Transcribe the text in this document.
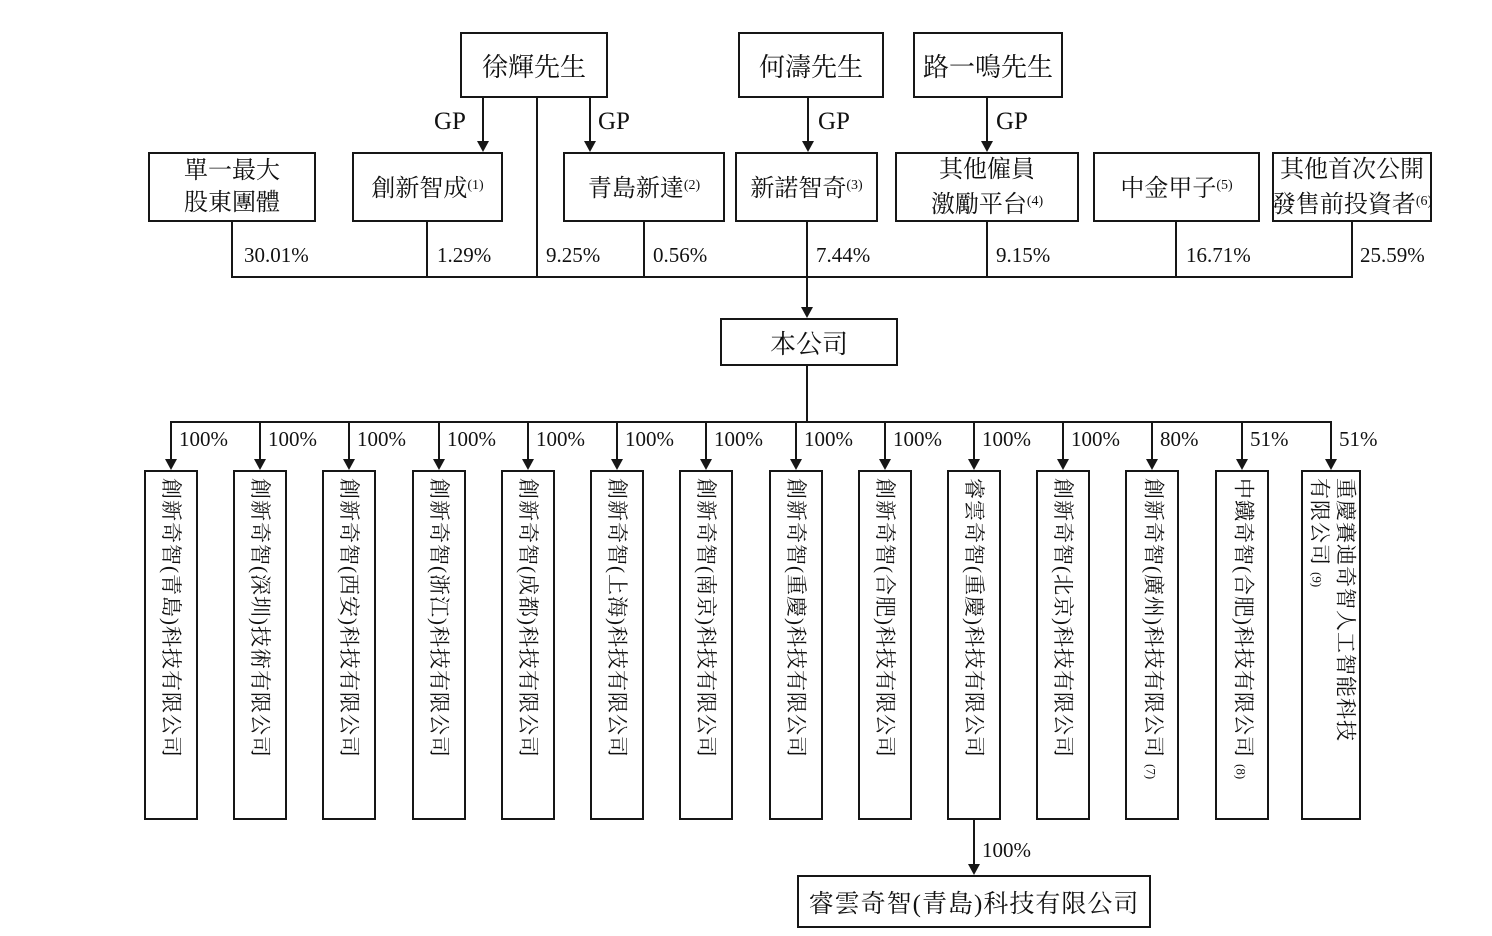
徐輝先生	何濤先生 路一鳴先生
GP	GP	GP	GP
本公司
睿雲奇智(青島)科技有限公司
100%
9.25%
單一最大
股東團體
30.01%
創新智成$^{(1)}$
1.29%
青島新達$^{(2)}$
0.56%
新諾智奇$^{(3)}$
7.44%
其他僱員
激勵平台$^{(4)}$
9.15%
中金甲子$^{(5)}$
16.71%
其他首次公開
發售前投資者$^{(6)}$
25.59%
100%
創新奇智(青島)科技有限公司
100%
創新奇智(深圳)技術有限公司
100%
創新奇智(西安)科技有限公司
100%
創新奇智(浙江)科技有限公司
100%
創新奇智(成都)科技有限公司
100%
創新奇智(上海)科技有限公司
100%
創新奇智(南京)科技有限公司
100%
創新奇智(重慶)科技有限公司
100%
創新奇智(合肥)科技有限公司
100%
睿雲奇智(重慶)科技有限公司
100%
創新奇智(北京)科技有限公司
80%
創新奇智(廣州)科技有限公司(7)
51%
中鐵奇智(合肥)科技有限公司(8)
51%
重慶賽迪奇智人工智能科技
有限公司(9)
